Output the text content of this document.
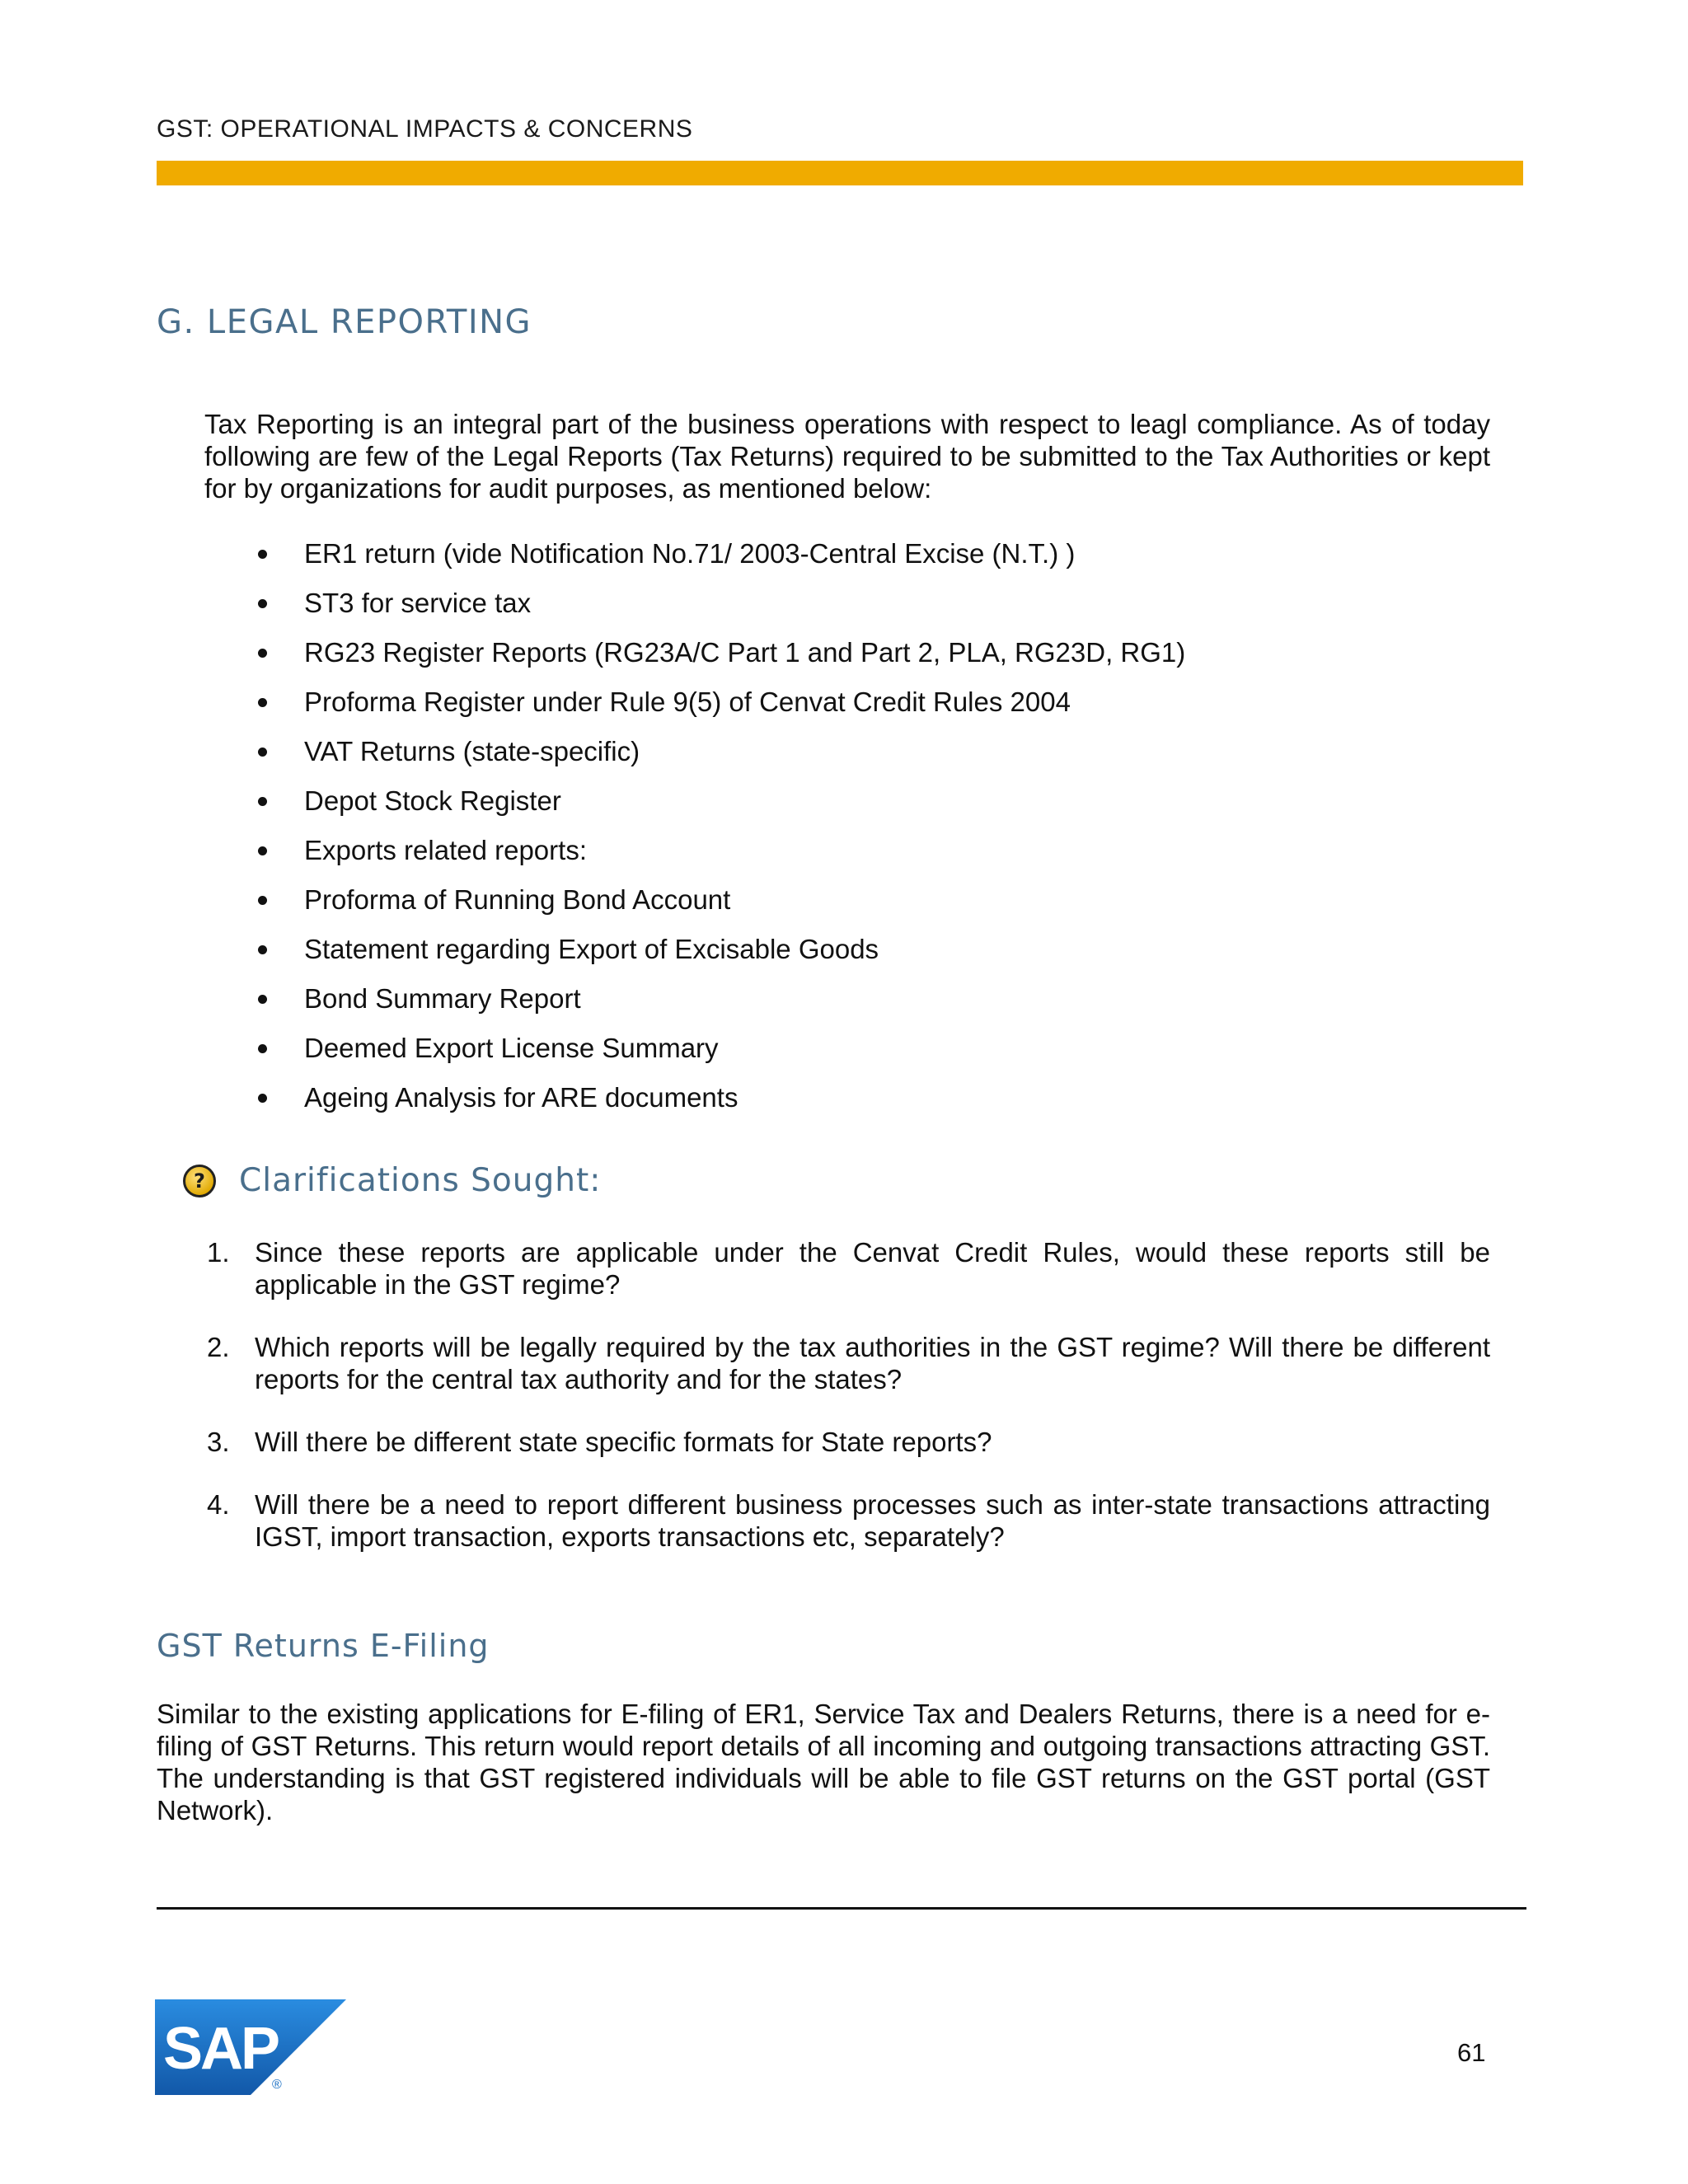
GST: OPERATIONAL IMPACTS & CONCERNS
G. LEGAL REPORTING

Tax Reporting is an integral part of the business operations with respect to leagl compliance. As of today following are few of the Legal Reports (Tax Returns) required to be submitted to the Tax Authorities or kept for by organizations for audit purposes, as mentioned below:

ER1 return (vide Notification No.71/ 2003-Central Excise (N.T.) )
ST3 for service tax
RG23 Register Reports (RG23A/C Part 1 and Part 2, PLA, RG23D, RG1)
Proforma Register under Rule 9(5) of Cenvat Credit Rules 2004
VAT Returns (state-specific)
Depot Stock Register
Exports related reports:
Proforma of Running Bond Account
Statement regarding Export of Excisable Goods
Bond Summary Report
Deemed Export License Summary
Ageing Analysis for ARE documents
?	Clarifications Sought:
1. Since these reports are applicable under the Cenvat Credit Rules, would these reports still be applicable in the GST regime?
2. Which reports will be legally required by the tax authorities in the GST regime? Will there be different reports for the central tax authority and for the states?
3. Will there be different state specific formats for State reports?
4. Will there be a need to report different business processes such as inter-state transactions attracting IGST, import transaction, exports transactions etc, separately?
GST Returns E-Filing

Similar to the existing applications for E-filing of ER1, Service Tax and Dealers Returns, there is a need for e-filing of GST Returns. This return would report details of all incoming and outgoing transactions attracting GST. The understanding is that GST registered individuals will be able to file GST returns on the GST portal (GST Network).

SAP
®
61
